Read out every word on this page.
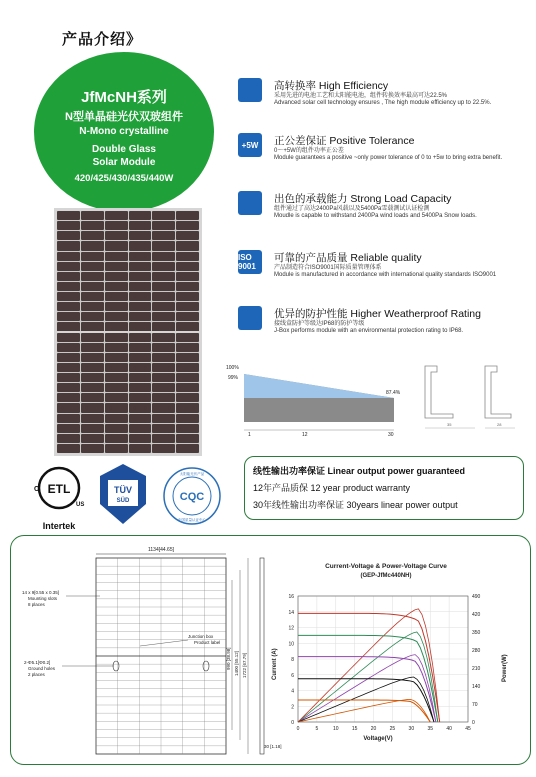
产品介绍》
JfMcNH系列
N型单晶硅光伏双玻组件
N-Mono crystalline
Double Glass
Solar Module
420/425/430/435/440W
高转换率 High Efficiency
采用先进的电池工艺和太阳能电池，组件转换效率最高可达22.5%
Advanced solar cell technology ensures , The high module efficiency up to 22.5%.
+5W	正公差保证 Positive Tolerance
0～+5W的组件功率正公差
Module guarantees a positive ~only power tolerance of 0 to +5w to bring extra benefit.
出色的承载能力 Strong Load Capacity
组件通过了高达2400Pa风载以及5400Pa雪载测试认证检测
Moudle is capable to withstand 2400Pa wind loads and 5400Pa Snow loads.
ISO 9001
可靠的产品质量 Reliable quality
产品制造符合ISO9001国际质量管理体系
Module is manufactured in accordance with international quality standards ISO9001
优异的防护性能 Higher Weatherproof Rating
接线盒防护等级达IP68的防护等级
J-Box performs module with an environmental protection rating to IP68.
100%
99%
87.4%
1	12	30
35	28
ETL
C
US
Intertek
TÜV
SÜD	CQC
太阳能光伏产品
中国质量认证中心
线性输出功率保证 Linear output power guaranteed
12年产品质保 12 year product warranty
30年线性输出功率保证 30years linear power output
1134[44.65]
990 [38.98] 1400 [55.12] 1722 [67.79]
30 [1.18]
14 x 9[0.55 x 0.35]
Mounting slots
8 places
2-Φ5.1[Φ0.2]
Ground holes
2 places
Junction box
Product label
Current-Voltage & Power-Voltage Curve
(GEP-JfMc440NH)
Current (A)	Power(W)
Voltage(V)
0	5	10	15	20	25	30	35	40	45
0
2
4
6
8
10
12
14
16
0
70
140
210
280
350
420
490
